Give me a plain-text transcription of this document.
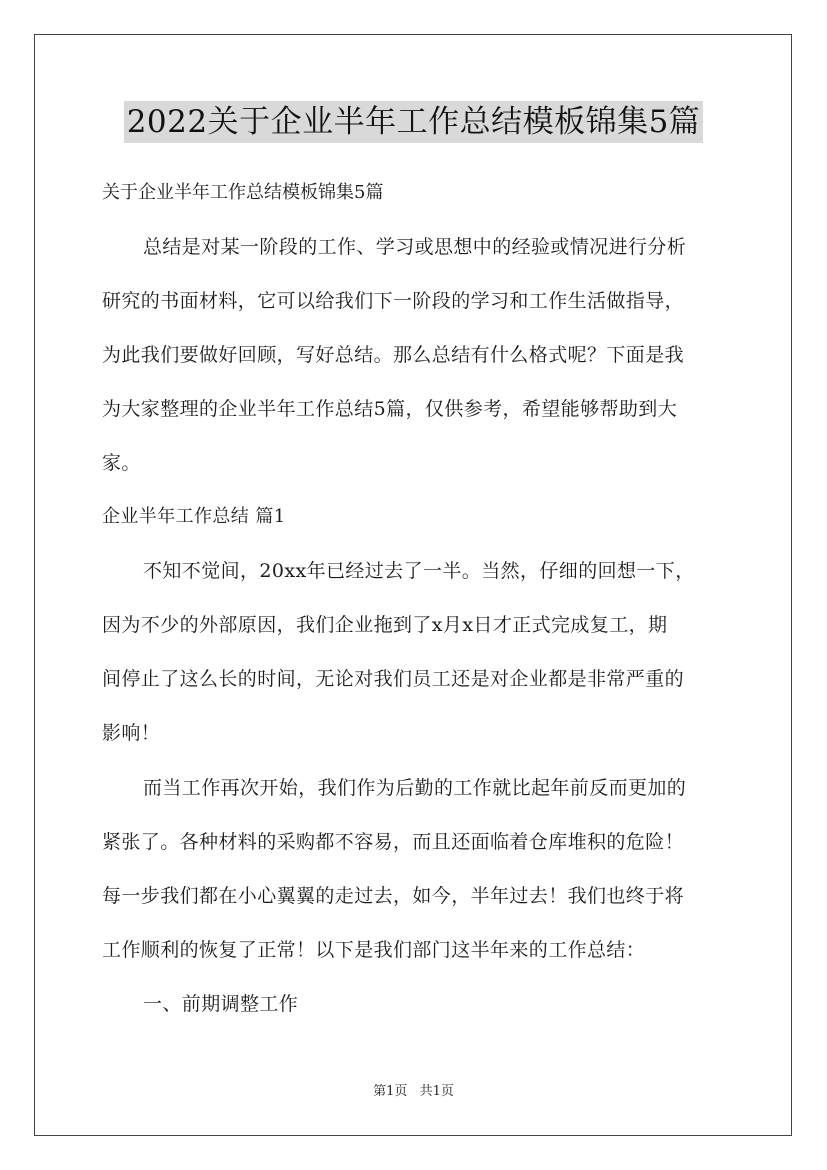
2022关于企业半年工作总结模板锦集5篇
关于企业半年工作总结模板锦集5篇
总结是对某一阶段的工作、学习或思想中的经验或情况进行分析
研究的书面材料，它可以给我们下一阶段的学习和工作生活做指导，
为此我们要做好回顾，写好总结。那么总结有什么格式呢？下面是我
为大家整理的企业半年工作总结5篇，仅供参考，希望能够帮助到大
家。
企业半年工作总结 篇1
不知不觉间，20xx年已经过去了一半。当然，仔细的回想一下，
因为不少的外部原因，我们企业拖到了x月x日才正式完成复工，期
间停止了这么长的时间，无论对我们员工还是对企业都是非常严重的
影响！
而当工作再次开始，我们作为后勤的工作就比起年前反而更加的
紧张了。各种材料的采购都不容易，而且还面临着仓库堆积的危险！
每一步我们都在小心翼翼的走过去，如今，半年过去！我们也终于将
工作顺利的恢复了正常！以下是我们部门这半年来的工作总结：
一、前期调整工作
第1页 共1页
